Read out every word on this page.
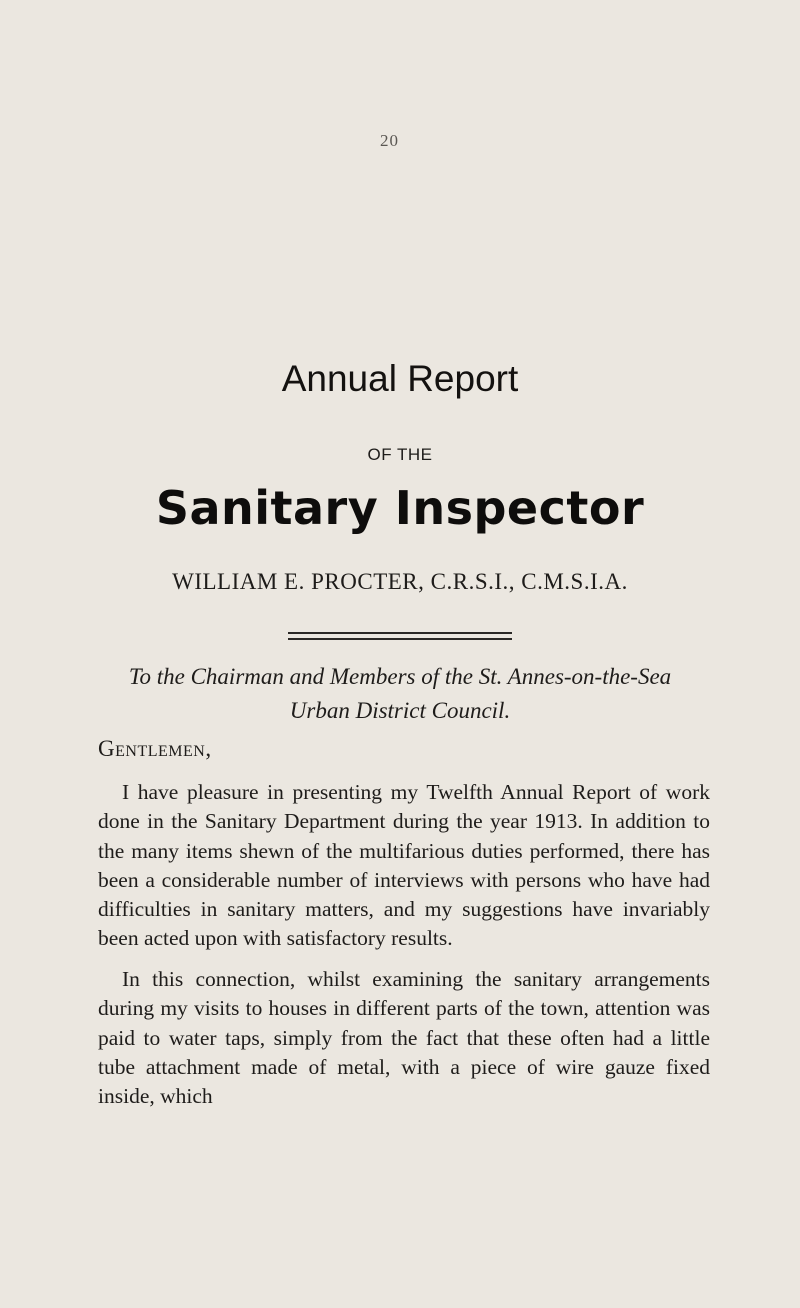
20
Annual Report
OF THE
Sanitary Inspector
WILLIAM E. PROCTER, C.R.S.I., C.M.S.I.A.

To the Chairman and Members of the St. Annes-on-the-Sea
Urban District Council.

Gentlemen,

I have pleasure in presenting my Twelfth Annual Report of work done in the Sanitary Department during the year 1913. In addition to the many items shewn of the multifarious duties performed, there has been a considerable number of interviews with persons who have had difficulties in sanitary matters, and my suggestions have invariably been acted upon with satisfactory results.

In this connection, whilst examining the sanitary arrangements during my visits to houses in different parts of the town, attention was paid to water taps, simply from the fact that these often had a little tube attachment made of metal, with a piece of wire gauze fixed inside, which
